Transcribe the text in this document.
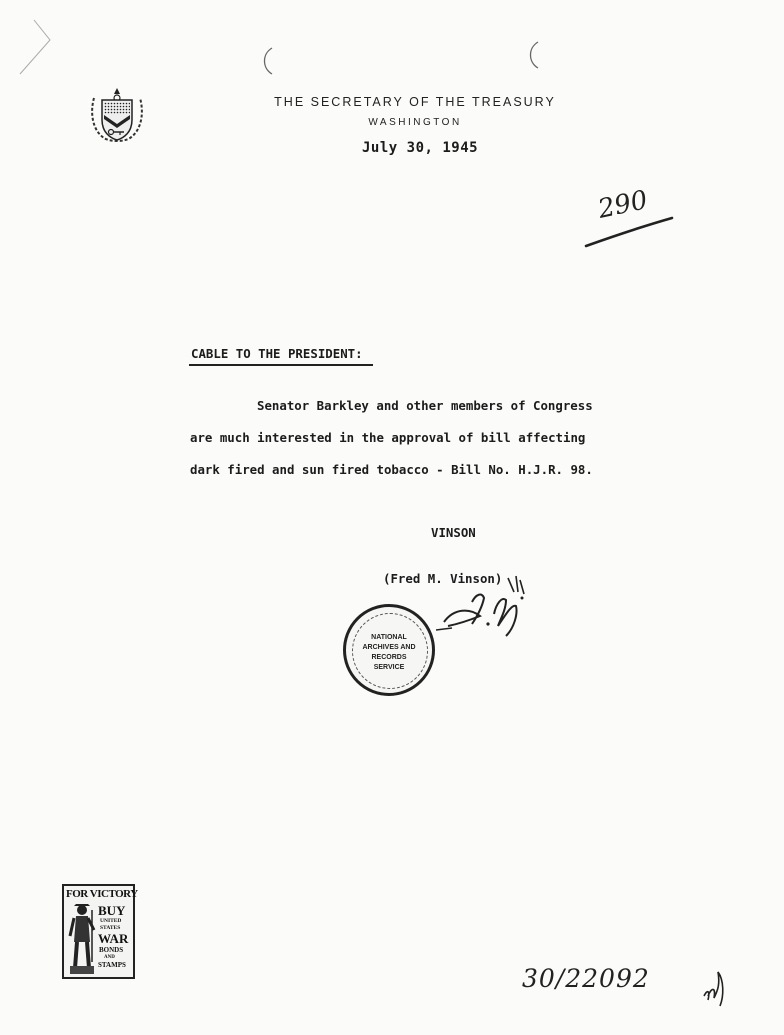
THE SECRETARY OF THE TREASURY
WASHINGTON
July 30, 1945
290
CABLE TO THE PRESIDENT:
Senator Barkley and other members of Congress
are much interested in the approval of bill affecting
dark fired and sun fired tobacco - Bill No. H.J.R. 98.
VINSON
(Fred M. Vinson)
NATIONAL
ARCHIVES AND
RECORDS
SERVICE
FOR VICTORY
BUY
UNITED
STATES
WAR
BONDS
AND
STAMPS	30/22092
